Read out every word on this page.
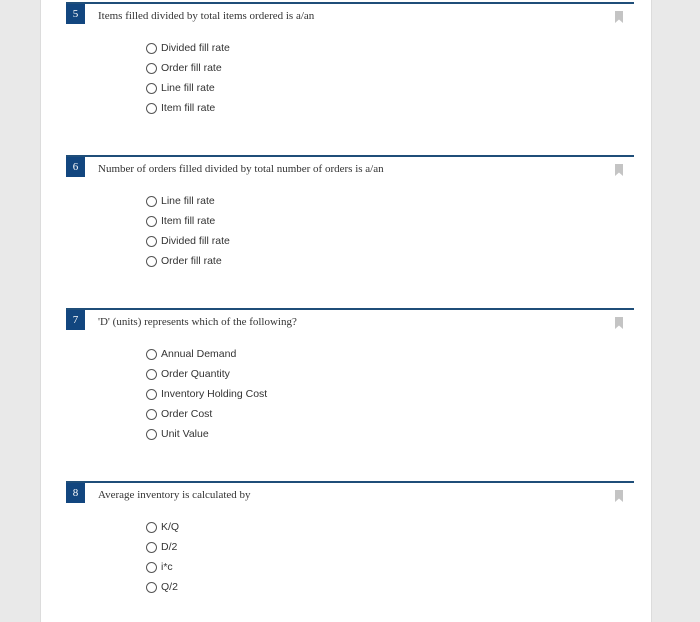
5	Items filled divided by total items ordered is a/an
Divided fill rate
Order fill rate
Line fill rate
Item fill rate
6	Number of orders filled divided by total number of orders is a/an
Line fill rate
Item fill rate
Divided fill rate
Order fill rate
7	'D' (units) represents which of the following?
Annual Demand
Order Quantity
Inventory Holding Cost
Order Cost
Unit Value
8	Average inventory is calculated by
K/Q
D/2
i*c
Q/2
